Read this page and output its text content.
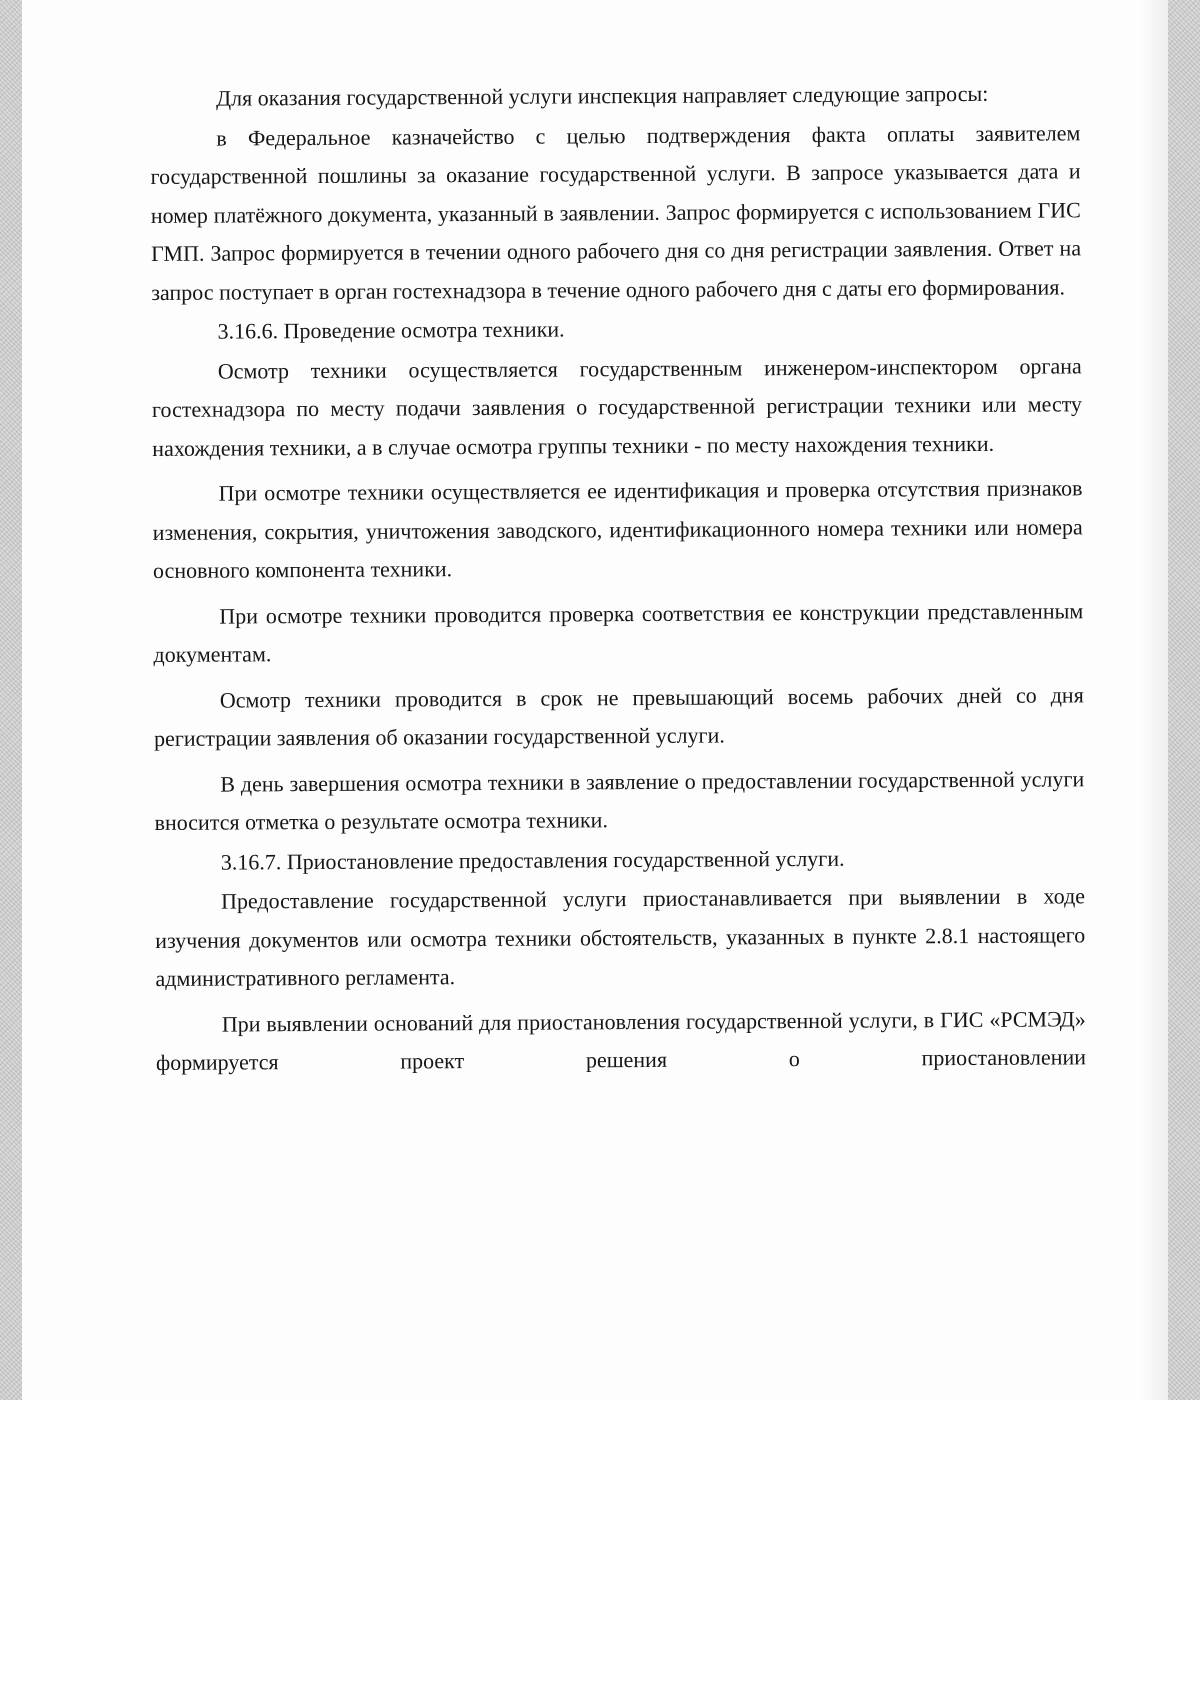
Для оказания государственной услуги инспекция направляет следующие запросы:

в Федеральное казначейство с целью подтверждения факта оплаты заявителем государственной пошлины за оказание государственной услуги. В запросе указывается дата и номер платёжного документа, указанный в заявлении. Запрос формируется с использованием ГИС ГМП. Запрос формируется в течении одного рабочего дня со дня регистрации заявления. Ответ на запрос поступает в орган гостехнадзора в течение одного рабочего дня с даты его формирования.

3.16.6. Проведение осмотра техники.

Осмотр техники осуществляется государственным инженером-инспектором органа гостехнадзора по месту подачи заявления о государственной регистрации техники или месту нахождения техники, а в случае осмотра группы техники - по месту нахождения техники.

При осмотре техники осуществляется ее идентификация и проверка отсутствия признаков изменения, сокрытия, уничтожения заводского, идентификационного номера техники или номера основного компонента техники.

При осмотре техники проводится проверка соответствия ее конструкции представленным документам.

Осмотр техники проводится в срок не превышающий восемь рабочих дней со дня регистрации заявления об оказании государственной услуги.

В день завершения осмотра техники в заявление о предоставлении государственной услуги вносится отметка о результате осмотра техники.

3.16.7. Приостановление предоставления государственной услуги.

Предоставление государственной услуги приостанавливается при выявлении в ходе изучения документов или осмотра техники обстоятельств, указанных в пункте 2.8.1 настоящего административного регламента.

При выявлении оснований для приостановления государственной услуги, в ГИС «РСМЭД» формируется проект решения о приостановлении
